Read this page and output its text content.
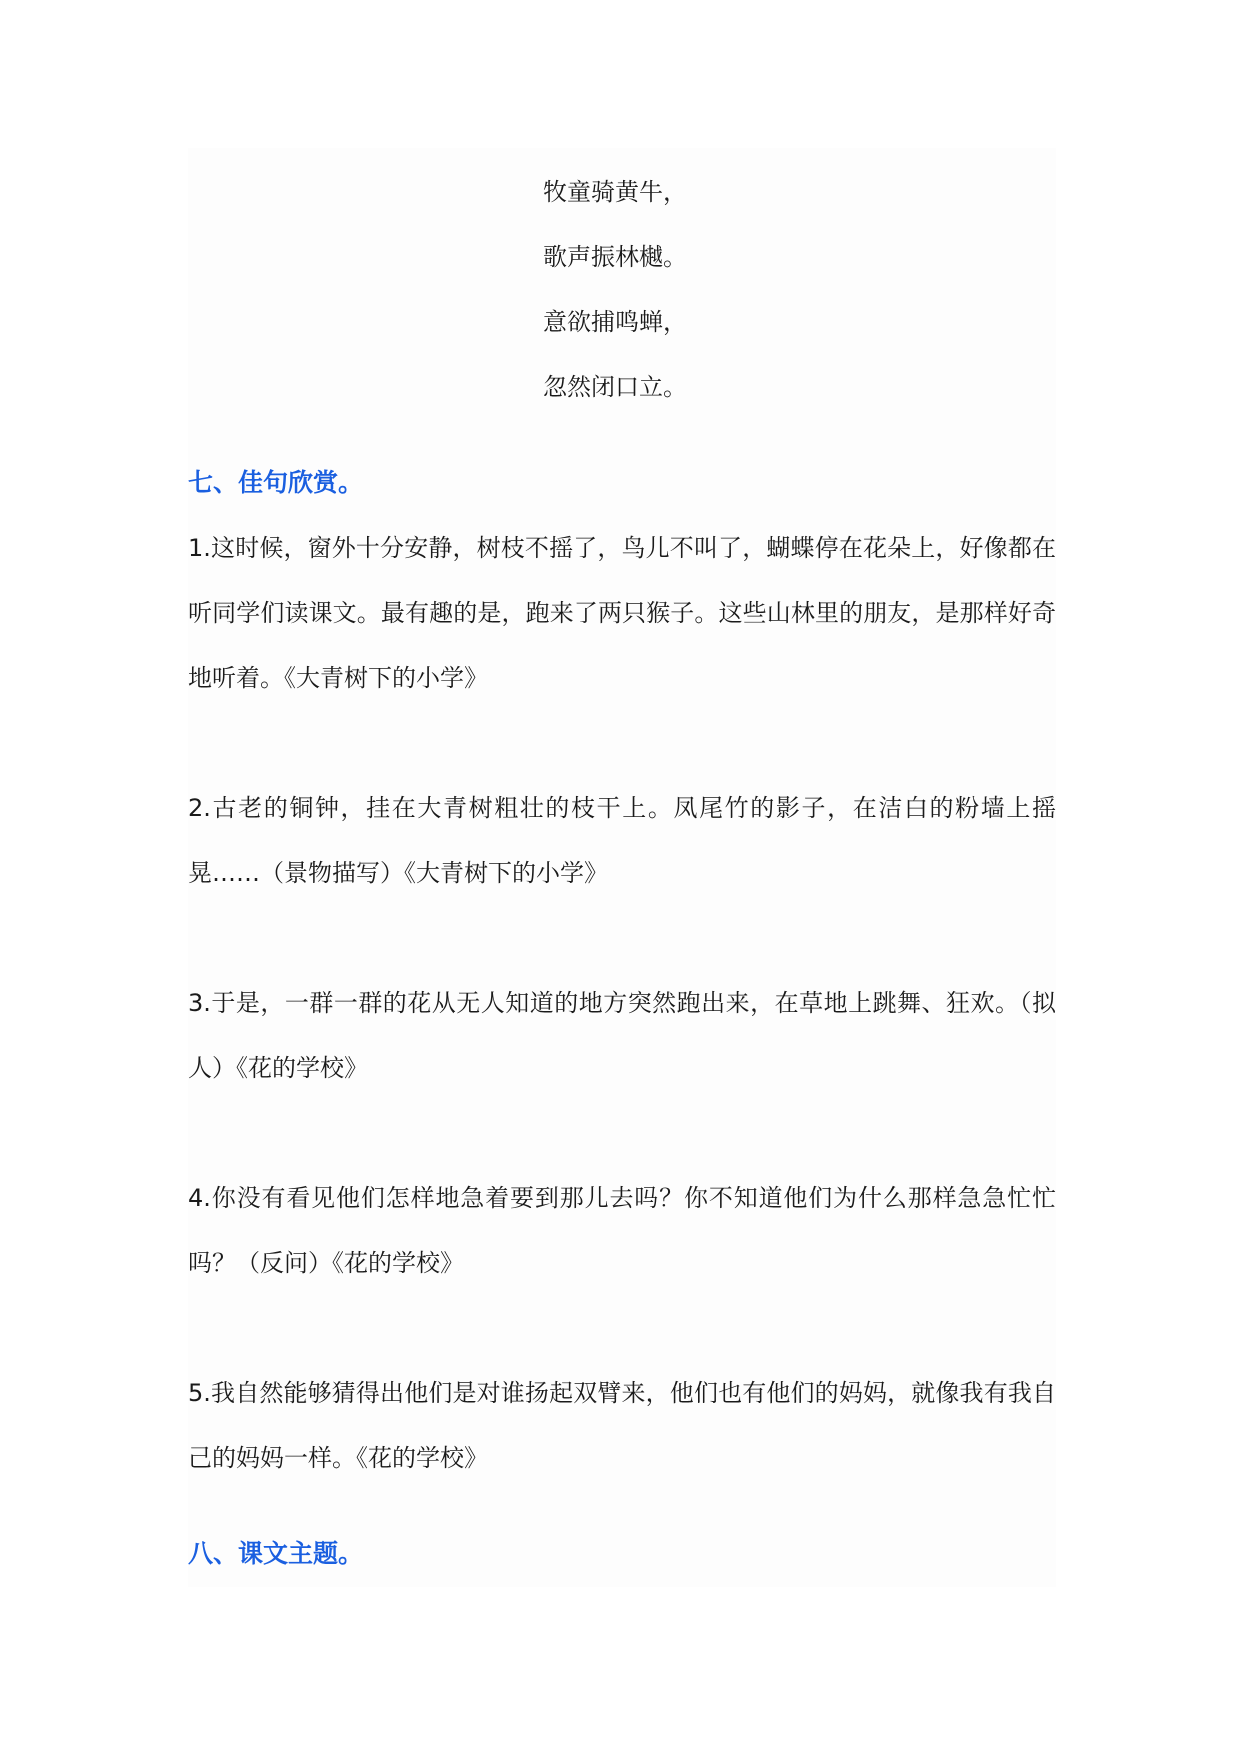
牧童骑黄牛，

歌声振林樾。

意欲捕鸣蝉，

忽然闭口立。

七、佳句欣赏。

1.这时候，窗外十分安静，树枝不摇了，鸟儿不叫了，蝴蝶停在花朵上，好像都在听同学们读课文。最有趣的是，跑来了两只猴子。这些山林里的朋友，是那样好奇地听着。《大青树下的小学》

2.古老的铜钟，挂在大青树粗壮的枝干上。凤尾竹的影子，在洁白的粉墙上摇晃……（景物描写）《大青树下的小学》

3.于是，一群一群的花从无人知道的地方突然跑出来，在草地上跳舞、狂欢。（拟人）《花的学校》

4.你没有看见他们怎样地急着要到那儿去吗？你不知道他们为什么那样急急忙忙吗？（反问）《花的学校》

5.我自然能够猜得出他们是对谁扬起双臂来，他们也有他们的妈妈，就像我有我自己的妈妈一样。《花的学校》

八、课文主题。
